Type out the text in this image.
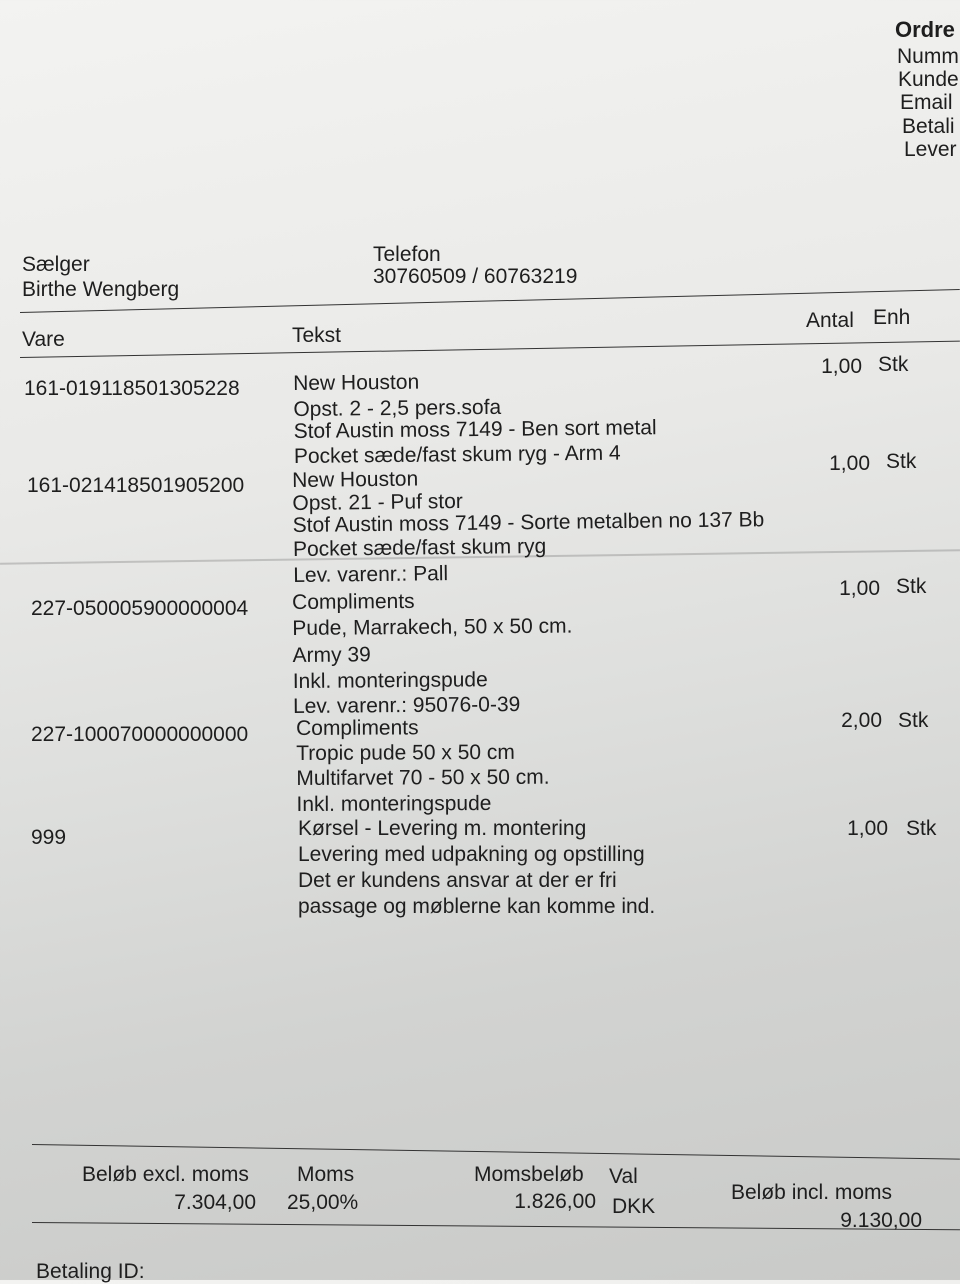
Ordre
Numm
Kunde
Email
Betali
Lever
Sælger
Birthe Wengberg
Telefon
30760509 / 60763219
Vare	Tekst
Antal Enh
161-019118501305228
1,00 Stk
New Houston
Opst. 2 - 2,5 pers.sofa
Stof Austin moss 7149 - Ben sort metal
Pocket sæde/fast skum ryg - Arm 4
161-021418501905200
1,00 Stk
New Houston
Opst. 21 - Puf stor
Stof Austin moss 7149 - Sorte metalben no 137 Bb
Pocket sæde/fast skum ryg
Lev. varenr.: Pall
227-050005900000004
1,00 Stk
Compliments
Pude, Marrakech, 50 x 50 cm.
Army 39
Inkl. monteringspude
Lev. varenr.: 95076-0-39
227-100070000000000
2,00 Stk
Compliments
Tropic pude 50 x 50 cm
Multifarvet 70 - 50 x 50 cm.
Inkl. monteringspude
999	1,00 Stk
Kørsel - Levering m. montering
Levering med udpakning og opstilling
Det er kundens ansvar at der er fri
passage og møblerne kan komme ind.
Beløb excl. moms
7.304,00
Moms
25,00%
Momsbeløb
1.826,00
Val
DKK
Beløb incl. moms
9.130,00
Betaling ID:
